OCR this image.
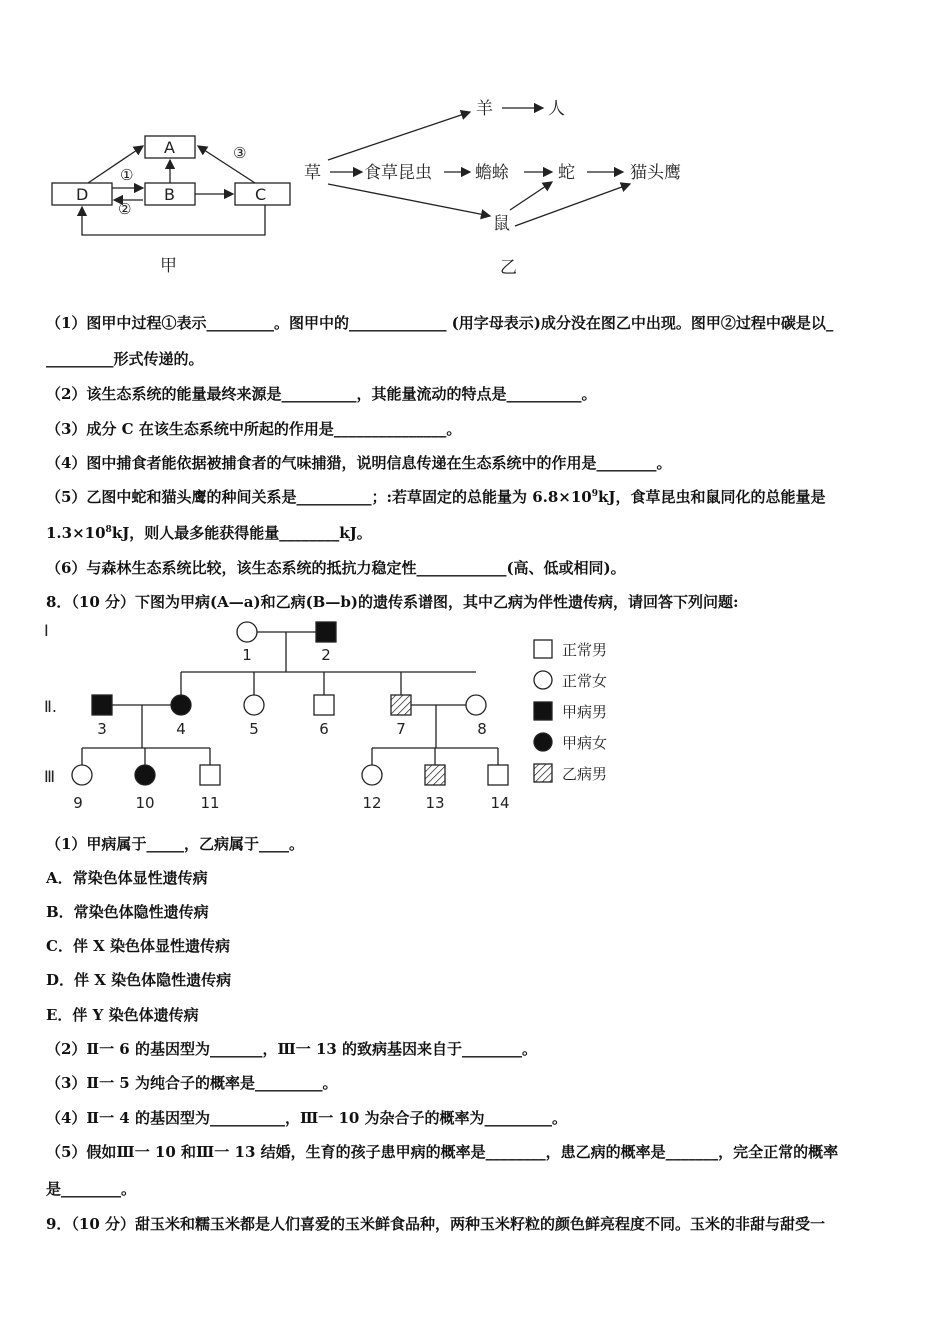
A
D	B	C
①
②
③
甲
草	食草昆虫	蟾蜍	蛇	猫头鹰
羊	人
鼠
乙
（1）图甲中过程①表示_________。图甲中的_____________ (用字母表示)成分没在图乙中出现。图甲②过程中碳是以_
_________形式传递的。
（2）该生态系统的能量最终来源是__________，其能量流动的特点是__________。
（3）成分 C 在该生态系统中所起的作用是_______________。
（4）图中捕食者能依据被捕食者的气味捕猎，说明信息传递在生态系统中的作用是________。
（5）乙图中蛇和猫头鹰的种间关系是__________；:若草固定的总能量为 $6.8\times 10^9kJ$，食草昆虫和鼠同化的总能量是
$1.3\times 10^8kJ$，则人最多能获得能量________kJ。
（6）与森林生态系统比较，该生态系统的抵抗力稳定性____________(高、低或相同)。
8．（10 分）下图为甲病(A—a)和乙病(B—b)的遗传系谱图，其中乙病为伴性遗传病，请回答下列问题:
Ⅰ
Ⅱ.
Ⅲ
1	2
3	4	5	6	7	8
9	10	11	12	13	14
正常男
正常女
甲病男
甲病女
乙病男
（1）甲病属于_____，乙病属于____。
A．常染色体显性遗传病
B．常染色体隐性遗传病
C．伴 X 染色体显性遗传病
D．伴 X 染色体隐性遗传病
E．伴 Y 染色体遗传病
（2）Ⅱ一 6 的基因型为_______，Ⅲ一 13 的致病基因来自于________。
（3）Ⅱ一 5 为纯合子的概率是_________。
（4）Ⅱ一 4 的基因型为__________，Ⅲ一 10 为杂合子的概率为_________。
（5）假如Ⅲ一 10 和Ⅲ一 13 结婚，生育的孩子患甲病的概率是________，患乙病的概率是_______，完全正常的概率
是________。
9．（10 分）甜玉米和糯玉米都是人们喜爱的玉米鲜食品种，两种玉米籽粒的颜色鲜亮程度不同。玉米的非甜与甜受一
